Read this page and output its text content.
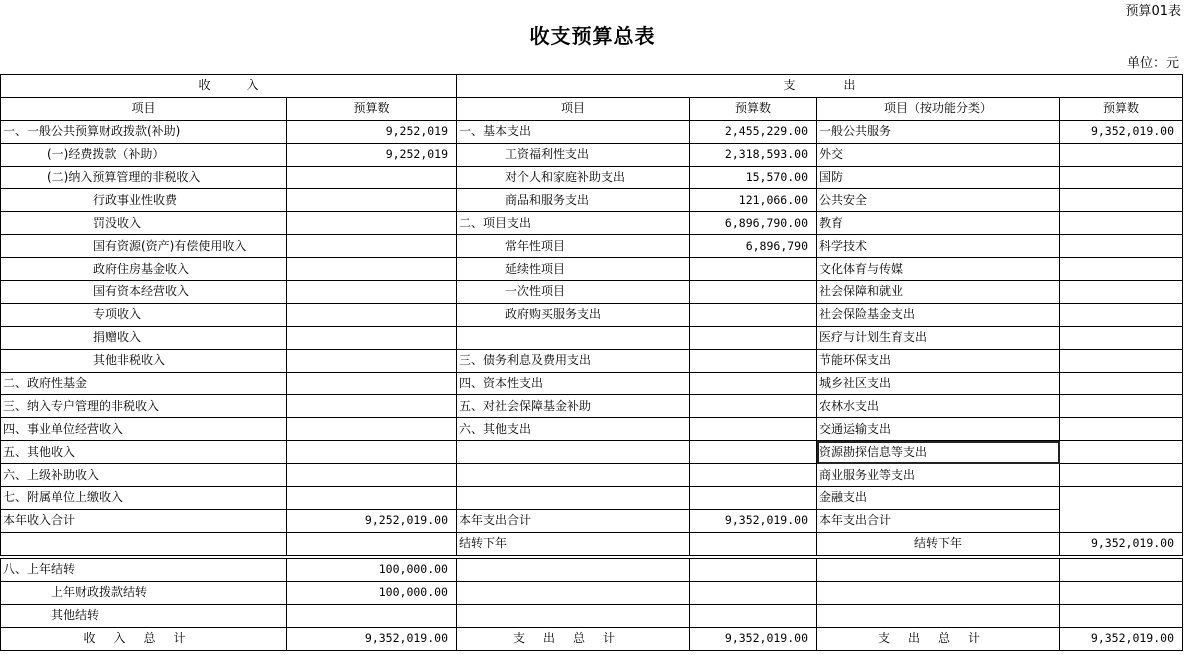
预算01表
收支预算总表
单位：元
收　　　入		支　　　　出			
项目	预算数	项目	预算数	项目（按功能分类）	预算数
一、一般公共预算财政拨款(补助)	9,252,019	一、基本支出	2,455,229.00	一般公共服务	9,352,019.00
(一)经费拨款（补助）	9,252,019	工资福利性支出	2,318,593.00	外交	
(二)纳入预算管理的非税收入		对个人和家庭补助支出	15,570.00	国防	
行政事业性收费		商品和服务支出	121,066.00	公共安全	
罚没收入		二、项目支出	6,896,790.00	教育	
国有资源(资产)有偿使用收入		常年性项目	6,896,790	科学技术	
政府住房基金收入		延续性项目		文化体育与传媒	
国有资本经营收入		一次性项目		社会保障和就业	
专项收入		政府购买服务支出		社会保险基金支出	
捐赠收入				医疗与计划生育支出	
其他非税收入		三、债务利息及费用支出		节能环保支出	
二、政府性基金		四、资本性支出		城乡社区支出	
三、纳入专户管理的非税收入		五、对社会保障基金补助		农林水支出	
四、事业单位经营收入		六、其他支出		交通运输支出	
五、其他收入				资源勘探信息等支出	
六、上级补助收入				商业服务业等支出	
七、附属单位上缴收入				金融支出	
本年收入合计	9,252,019.00	本年支出合计	9,352,019.00	本年支出合计	
		结转下年		结转下年	9,352,019.00
八、上年结转	100,000.00				
上年财政拨款结转	100,000.00				
其他结转					
收入总计	9,352,019.00	支出总计	9,352,019.00	支出总计	9,352,019.00
